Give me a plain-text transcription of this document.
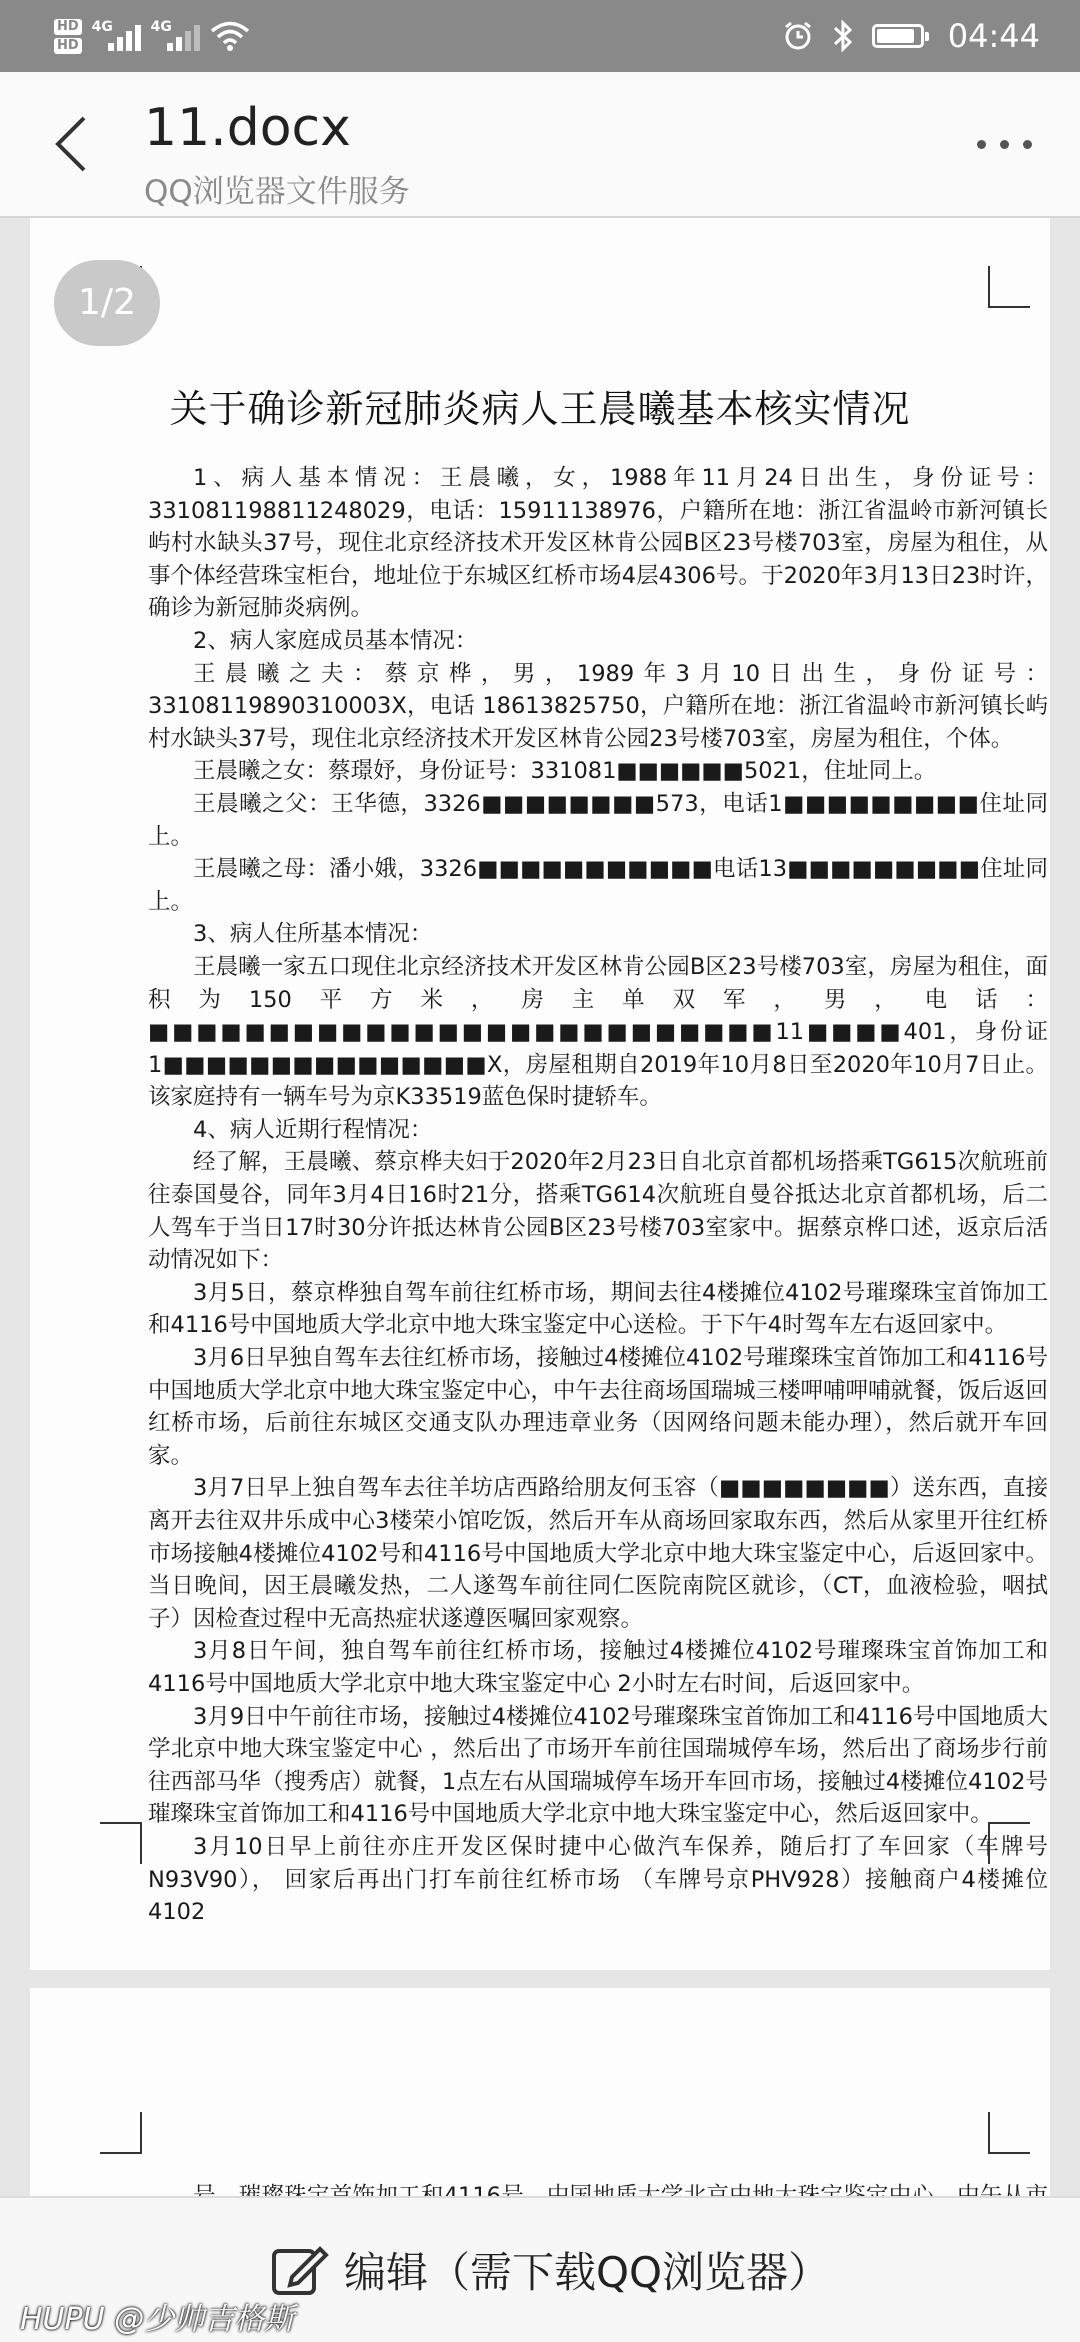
HD
HD
4G	4G	04:44
11.docx
QQ浏览器文件服务
关于确诊新冠肺炎病人王晨曦基本核实情况

1、病人基本情况：王晨曦，女，1988年11月24日出生，身份证号：331081198811248029，电话：15911138976，户籍所在地：浙江省温岭市新河镇长屿村水缺头37号，现住北京经济技术开发区林肯公园B区23号楼703室，房屋为租住，从事个体经营珠宝柜台，地址位于东城区红桥市场4层4306号。于2020年3月13日23时许，确诊为新冠肺炎病例。

2、病人家庭成员基本情况：

王晨曦之夫：蔡京桦，男，1989年3月10日出生，身份证号：33108119890310003X，电话 18613825750，户籍所在地：浙江省温岭市新河镇长屿村水缺头37号，现住北京经济技术开发区林肯公园23号楼703室，房屋为租住，个体。

王晨曦之女：蔡璟妤，身份证号：331081■■■■■■5021，住址同上。

王晨曦之父：王华德，3326■■■■■■■■573，电话1■■■■■■■■■住址同上。

王晨曦之母：潘小娥，3326■■■■■■■■■■■电话13■■■■■■■■■住址同上。

3、病人住所基本情况：

王晨曦一家五口现住北京经济技术开发区林肯公园B区23号楼703室，房屋为租住，面积为150平方米，房主单双军，男，电话：■■■■■■■■■■■■■■■■■■■■■■■■■■11■■■■401，身份证1■■■■■■■■■■■■■■■X，房屋租期自2019年10月8日至2020年10月7日止。该家庭持有一辆车号为京K33519蓝色保时捷轿车。

4、病人近期行程情况：

经了解，王晨曦、蔡京桦夫妇于2020年2月23日自北京首都机场搭乘TG615次航班前往泰国曼谷，同年3月4日16时21分，搭乘TG614次航班自曼谷抵达北京首都机场，后二人驾车于当日17时30分许抵达林肯公园B区23号楼703室家中。据蔡京桦口述，返京后活动情况如下：

3月5日，蔡京桦独自驾车前往红桥市场，期间去往4楼摊位4102号璀璨珠宝首饰加工和4116号中国地质大学北京中地大珠宝鉴定中心送检。于下午4时驾车左右返回家中。

3月6日早独自驾车去往红桥市场，接触过4楼摊位4102号璀璨珠宝首饰加工和4116号中国地质大学北京中地大珠宝鉴定中心，中午去往商场国瑞城三楼呷哺呷哺就餐，饭后返回红桥市场，后前往东城区交通支队办理违章业务（因网络问题未能办理），然后就开车回家。

3月7日早上独自驾车去往羊坊店西路给朋友何玉容（■■■■■■■■）送东西，直接离开去往双井乐成中心3楼荣小馆吃饭，然后开车从商场回家取东西，然后从家里开往红桥市场接触4楼摊位4102号和4116号中国地质大学北京中地大珠宝鉴定中心，后返回家中。当日晚间，因王晨曦发热，二人遂驾车前往同仁医院南院区就诊，（CT，血液检验，咽拭子）因检查过程中无高热症状遂遵医嘱回家观察。

3月8日午间，独自驾车前往红桥市场，接触过4楼摊位4102号璀璨珠宝首饰加工和4116号中国地质大学北京中地大珠宝鉴定中心 2小时左右时间，后返回家中。

3月9日中午前往市场，接触过4楼摊位4102号璀璨珠宝首饰加工和4116号中国地质大学北京中地大珠宝鉴定中心 ，然后出了市场开车前往国瑞城停车场，然后出了商场步行前往西部马华（搜秀店）就餐，1点左右从国瑞城停车场开车回市场，接触过4楼摊位4102号璀璨珠宝首饰加工和4116号中国地质大学北京中地大珠宝鉴定中心，然后返回家中。

3月10日早上前往亦庄开发区保时捷中心做汽车保养，随后打了车回家（车牌号N93V90）， 回家后再出门打车前往红桥市场 （车牌号京PHV928）接触商户4楼摊位4102

1/2

编辑（需下载QQ浏览器）
HUPU @少帅吉格斯
